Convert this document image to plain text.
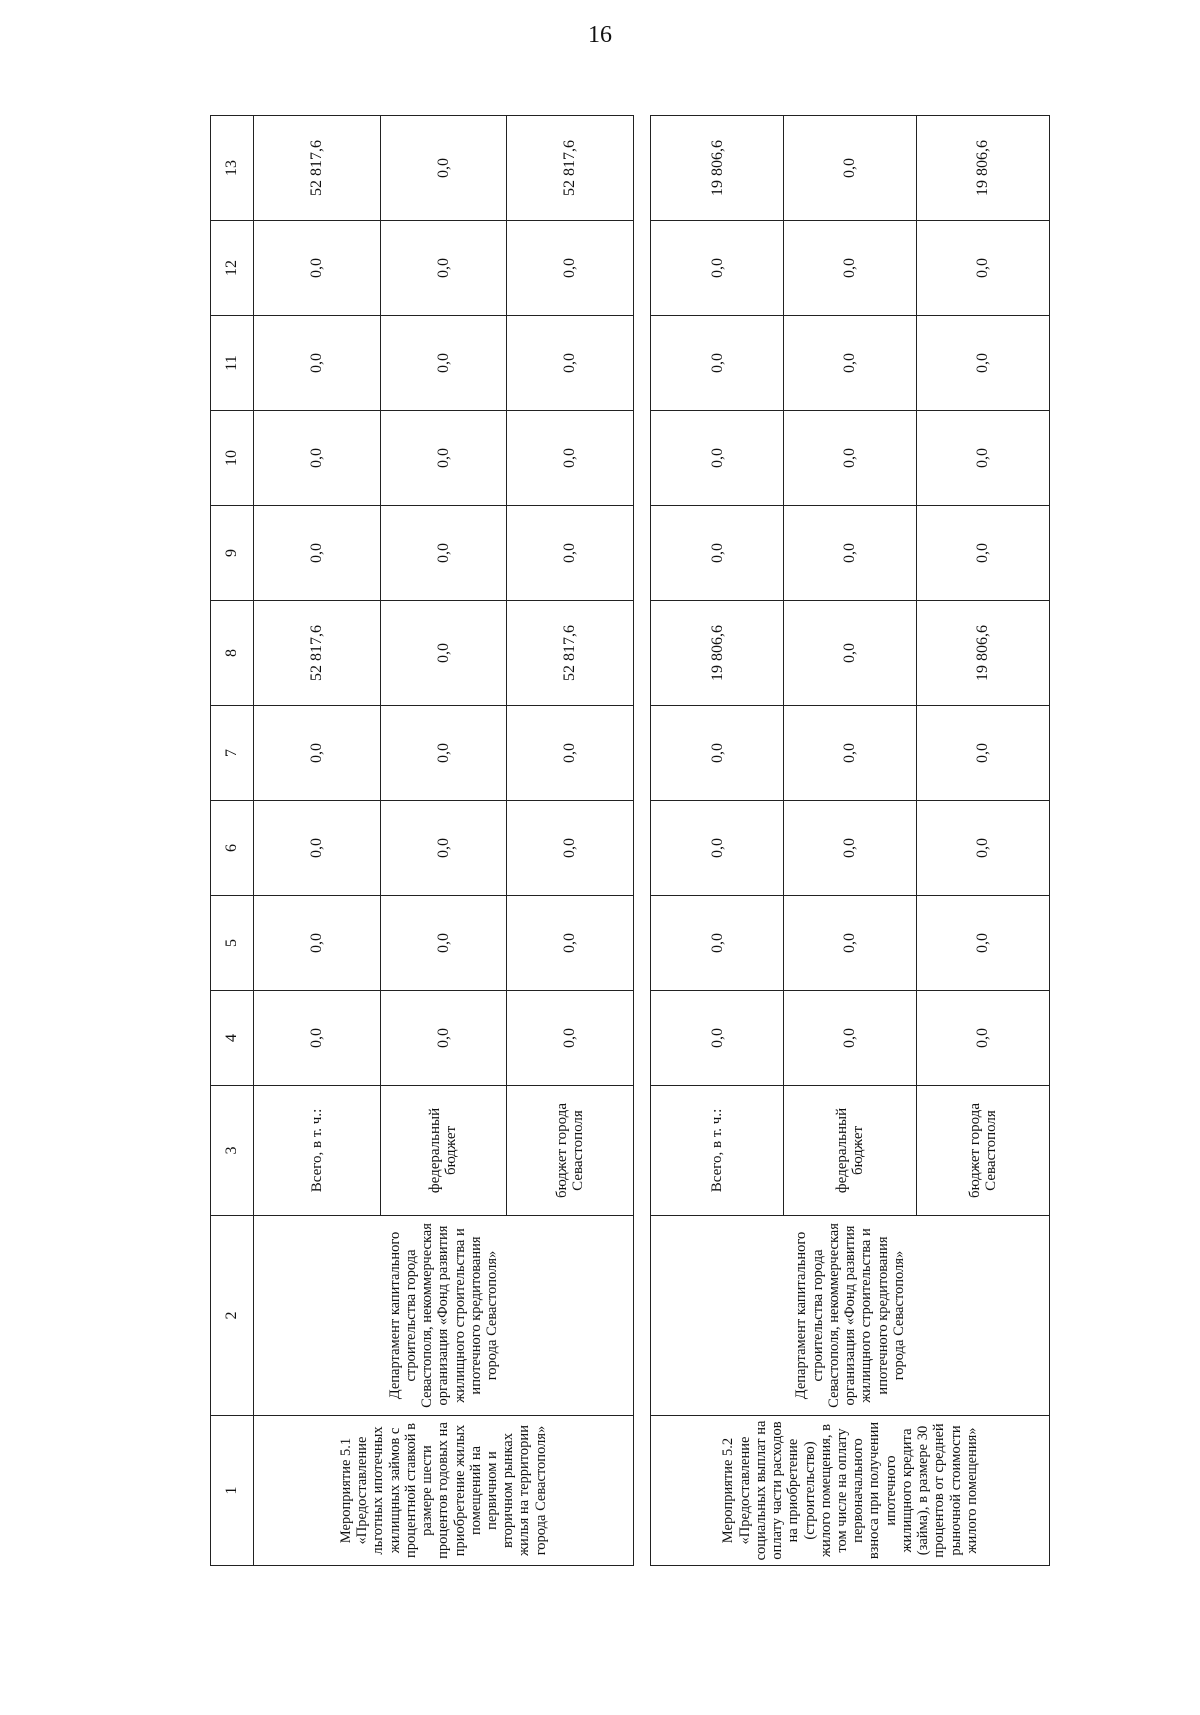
16
1	2	3	4	5	6	7	8	9	10	11	12	13
Мероприятие 5.1 «Предоставление льготных ипотечных жилищных займов с процентной ставкой в размере шести процентов годовых на приобретение жилых помещений на первичном и вторичном рынках жилья на территории города Севастополя»	Департамент капитального строительства города Севастополя, некоммерческая организация «Фонд развития жилищного строительства и ипотечного кредитования города Севастополя»	Всего, в т. ч.:	0,0	0,0	0,0	0,0	52 817,6	0,0	0,0	0,0	0,0	52 817,6
		федеральный бюджет	0,0	0,0	0,0	0,0	0,0	0,0	0,0	0,0	0,0	0,0
		бюджет города Севастополя	0,0	0,0	0,0	0,0	52 817,6	0,0	0,0	0,0	0,0	52 817,6

Мероприятие 5.2 «Предоставление социальных выплат на оплату части расходов на приобретение (строительство) жилого помещения, в том числе на оплату первоначального взноса при получении ипотечного жилищного кредита (займа), в размере 30 процентов от средней рыночной стоимости жилого помещения»	Департамент капитального строительства города Севастополя, некоммерческая организация «Фонд развития жилищного строительства и ипотечного кредитования города Севастополя»	Всего, в т. ч.:	0,0	0,0	0,0	0,0	19 806,6	0,0	0,0	0,0	0,0	19 806,6
		федеральный бюджет	0,0	0,0	0,0	0,0	0,0	0,0	0,0	0,0	0,0	0,0
		бюджет города Севастополя	0,0	0,0	0,0	0,0	19 806,6	0,0	0,0	0,0	0,0	19 806,6
